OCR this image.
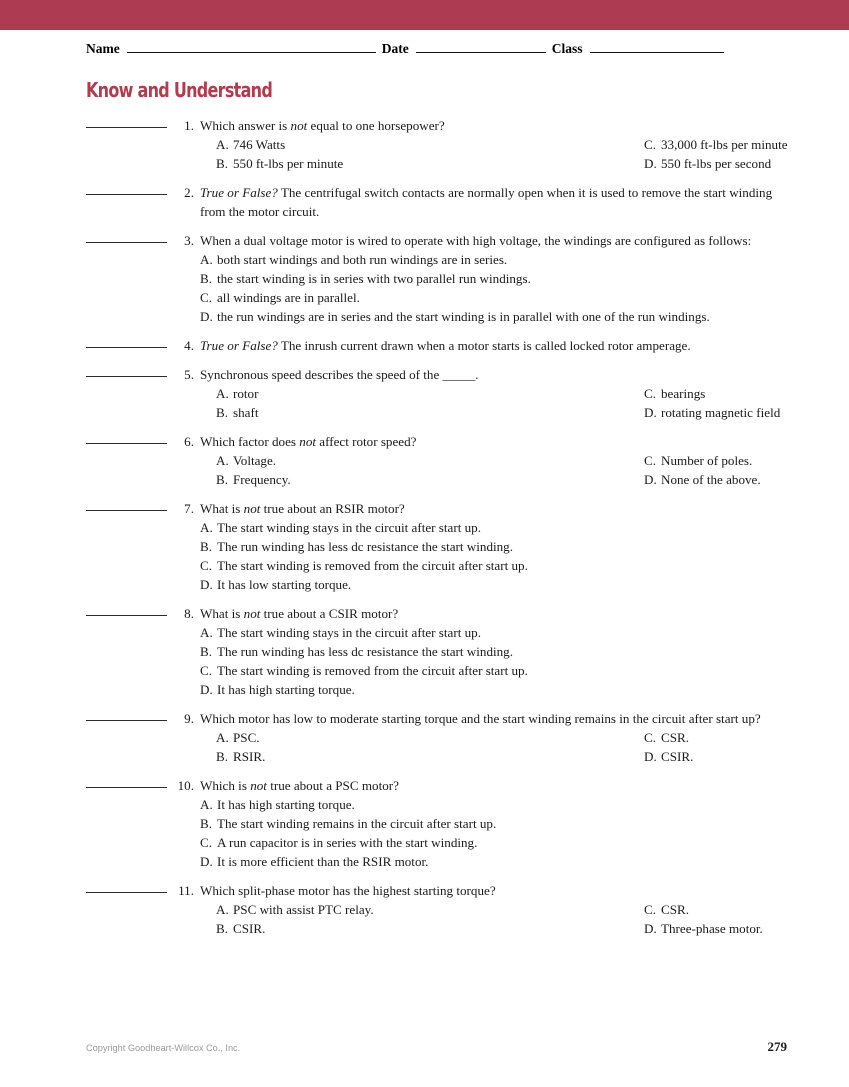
Name	Date	Class
Know and Understand
1. Which answer is not equal to one horsepower?

A. 746 Watts	C. 33,000 ft-lbs per minute
B. 550 ft-lbs per minute	D. 550 ft-lbs per second
2. True or False? The centrifugal switch contacts are normally open when it is used to remove the start winding from the motor circuit.

3. When a dual voltage motor is wired to operate with high voltage, the windings are configured as follows:

A. both start windings and both run windings are in series.
B. the start winding is in series with two parallel run windings.
C. all windings are in parallel.
D. the run windings are in series and the start winding is in parallel with one of the run windings.
4. True or False? The inrush current drawn when a motor starts is called locked rotor amperage.

5. Synchronous speed describes the speed of the _____.

A. rotor	C. bearings
B. shaft	D. rotating magnetic field
6. Which factor does not affect rotor speed?

A. Voltage.	C. Number of poles.
B. Frequency.	D. None of the above.
7. What is not true about an RSIR motor?

A. The start winding stays in the circuit after start up.
B. The run winding has less dc resistance the start winding.
C. The start winding is removed from the circuit after start up.
D. It has low starting torque.
8. What is not true about a CSIR motor?

A. The start winding stays in the circuit after start up.
B. The run winding has less dc resistance the start winding.
C. The start winding is removed from the circuit after start up.
D. It has high starting torque.
9. Which motor has low to moderate starting torque and the start winding remains in the circuit after start up?

A. PSC.	C. CSR.
B. RSIR.	D. CSIR.
10. Which is not true about a PSC motor?

A. It has high starting torque.
B. The start winding remains in the circuit after start up.
C. A run capacitor is in series with the start winding.
D. It is more efficient than the RSIR motor.
11. Which split-phase motor has the highest starting torque?

A. PSC with assist PTC relay.	C. CSR.
B. CSIR.	D. Three-phase motor.
Copyright Goodheart-Willcox Co., Inc.	279
